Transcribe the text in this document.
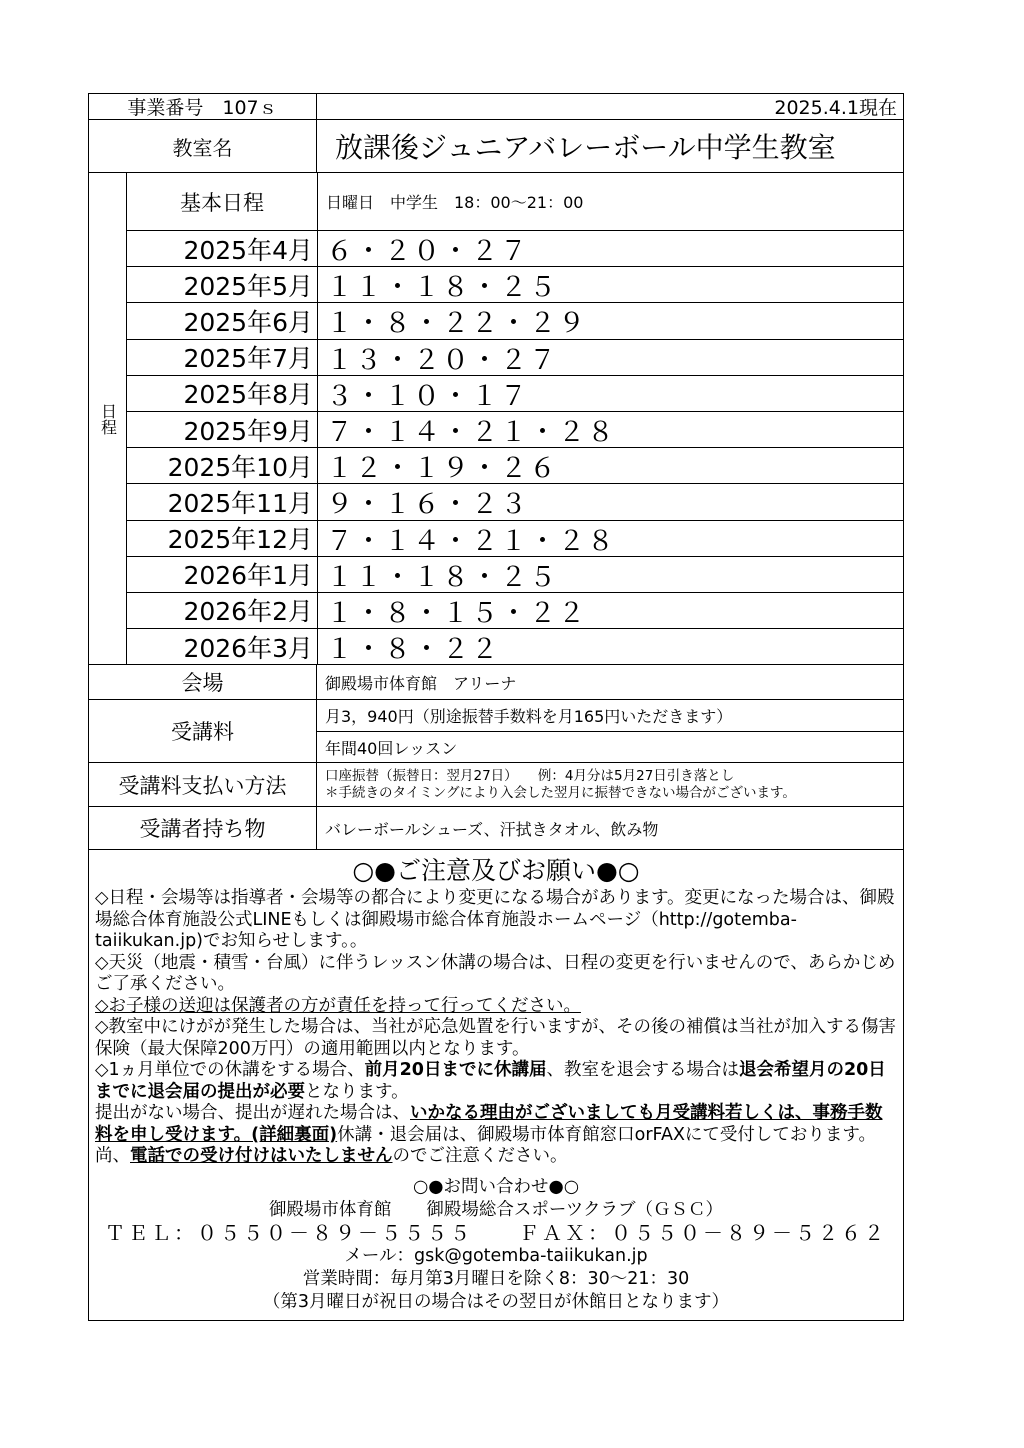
事業番号　107ｓ	2025.4.1現在
教室名	放課後ジュニアバレーボール中学生教室
日程
基本日程	日曜日　中学生　18：00～21：00
2025年4月 ６・２０・２７
2025年5月 １１・１８・２５
2025年6月 １・８・２２・２９
2025年7月 １３・２０・２７
2025年8月 ３・１０・１７
2025年9月 ７・１４・２１・２８
2025年10月 １２・１９・２６
2025年11月 ９・１６・２３
2025年12月 ７・１４・２１・２８
2026年1月 １１・１８・２５
2026年2月 １・８・１５・２２
2026年3月 １・８・２２
会場	御殿場市体育館　アリーナ
受講料
月3，940円（別途振替手数料を月165円いただきます）
年間40回レッスン
受講料支払い方法	口座振替（振替日：翌月27日）　　例：4月分は5月27日引き落とし
＊手続きのタイミングにより入会した翌月に振替できない場合がございます。
受講者持ち物	バレーボールシューズ、汗拭きタオル、飲み物
○●ご注意及びお願い●○

◇日程・会場等は指導者・会場等の都合により変更になる場合があります。変更になった場合は、御殿場総合体育施設公式LINEもしくは御殿場市総合体育施設ホームページ（http://gotemba-taiikukan.jp)でお知らせします。。

◇天災（地震・積雪・台風）に伴うレッスン休講の場合は、日程の変更を行いませんので、あらかじめご了承ください。

◇お子様の送迎は保護者の方が責任を持って行ってください。

◇教室中にけがが発生した場合は、当社が応急処置を行いますが、その後の補償は当社が加入する傷害保険（最大保障200万円）の適用範囲以内となります。

◇1ヵ月単位での休講をする場合、前月20日までに休講届、教室を退会する場合は退会希望月の20日までに退会届の提出が必要となります。

提出がない場合、提出が遅れた場合は、いかなる理由がございましても月受講料若しくは、事務手数料を申し受けます。(詳細裏面)休講・退会届は、御殿場市体育館窓口orFAXにて受付しております。尚、電話での受け付けはいたしませんのでご注意ください。

○●お問い合わせ●○
御殿場市体育館　　御殿場総合スポーツクラブ（ＧＳＣ）
ＴＥＬ：０５５０－８９－５５５５　　ＦＡＸ：０５５０－８９－５２６２
メール：gsk@gotemba-taiikukan.jp
営業時間：毎月第3月曜日を除く8：30～21：30
（第3月曜日が祝日の場合はその翌日が休館日となります）
